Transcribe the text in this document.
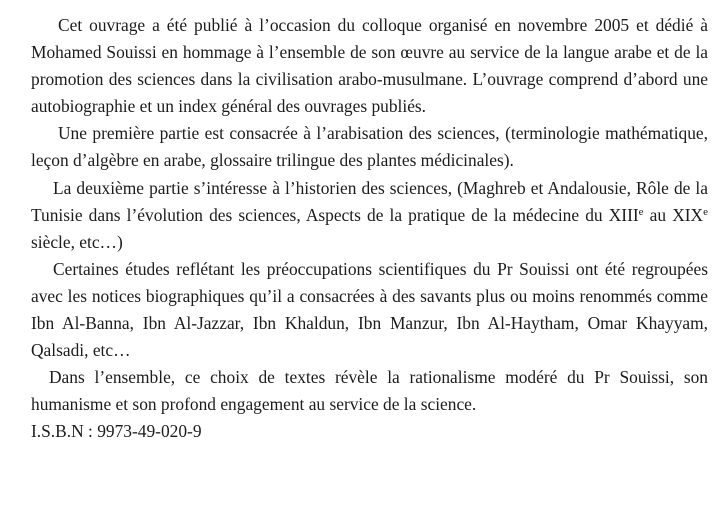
Cet ouvrage a été publié à l’occasion du colloque organisé en novembre 2005 et dédié à Mohamed Souissi en hommage à l’ensemble de son œuvre au service de la langue arabe et de la promotion des sciences dans la civilisation arabo-musulmane. L’ouvrage comprend d’abord une autobiographie et un index général des ouvrages publiés.

Une première partie est consacrée à l’arabisation des sciences, (terminologie mathématique, leçon d’algèbre en arabe, glossaire trilingue des plantes médicinales).

La deuxième partie s’intéresse à l’historien des sciences, (Maghreb et Andalousie, Rôle de la Tunisie dans l’évolution des sciences, Aspects de la pratique de la médecine du XIIIe au XIXe siècle, etc…)

Certaines études reflétant les préoccupations scientifiques du Pr Souissi ont été regroupées avec les notices biographiques qu’il a consacrées à des savants plus ou moins renommés comme Ibn Al-Banna, Ibn Al-Jazzar, Ibn Khaldun, Ibn Manzur, Ibn Al-Haytham, Omar Khayyam, Qalsadi, etc…

Dans l’ensemble, ce choix de textes révèle la rationalisme modéré du Pr Souissi, son humanisme et son profond engagement au service de la science.

I.S.B.N : 9973-49-020-9
